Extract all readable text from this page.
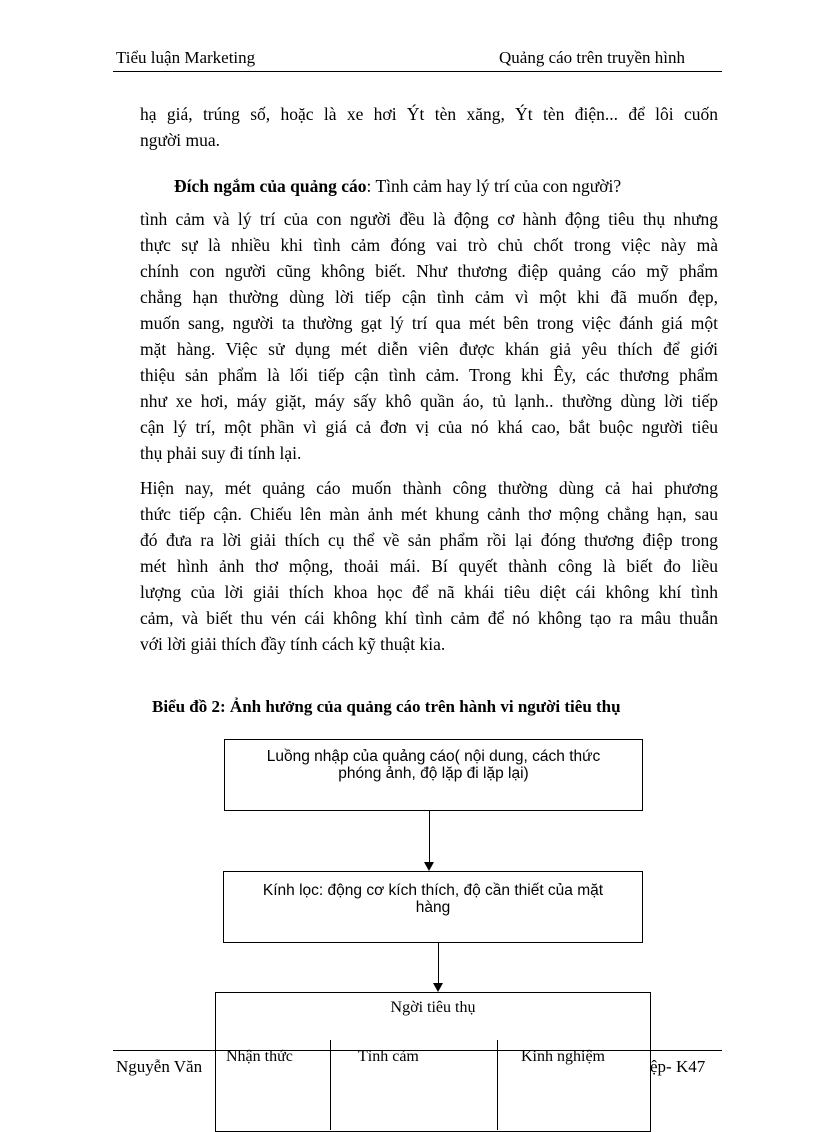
Tiểu luận Marketing	Quảng cáo trên truyền hình
hạ giá, trúng số, hoặc là xe hơi Ýt tèn xăng, Ýt tèn điện... để lôi cuốn
người mua.
Đích ngắm của quảng cáo: Tình cảm hay lý trí của con người?
tình cảm và lý trí của con người đều là động cơ hành động tiêu thụ nhưng
thực sự là nhiều khi tình cảm đóng vai trò chủ chốt trong việc này mà
chính con người cũng không biết. Như thương điệp quảng cáo mỹ phẩm
chẳng hạn thường dùng lời tiếp cận tình cảm vì một khi đã muốn đẹp,
muốn sang, người ta thường gạt lý trí qua mét bên trong việc đánh giá một
mặt hàng. Việc sử dụng mét diễn viên được khán giả yêu thích để giới
thiệu sản phẩm là lối tiếp cận tình cảm. Trong khi Êy, các thương phẩm
như xe hơi, máy giặt, máy sấy khô quần áo, tủ lạnh.. thường dùng lời tiếp
cận lý trí, một phần vì giá cả đơn vị của nó khá cao, bắt buộc người tiêu
thụ phải suy đi tính lại.
Hiện nay, mét quảng cáo muốn thành công thường dùng cả hai phương
thức tiếp cận. Chiếu lên màn ảnh mét khung cảnh thơ mộng chẳng hạn, sau
đó đưa ra lời giải thích cụ thể về sản phẩm rồi lại đóng thương điệp trong
mét hình ảnh thơ mộng, thoải mái. Bí quyết thành công là biết đo liều
lượng của lời giải thích khoa học để nã khái tiêu diệt cái không khí tình
cảm, và biết thu vén cái không khí tình cảm để nó không tạo ra mâu thuẫn
với lời giải thích đầy tính cách kỹ thuật kia.
Biểu đồ 2: Ảnh hưởng của quảng cáo trên hành vi người tiêu thụ
Luồng nhập của quảng cáo( nội dung, cách thức
phóng ảnh, độ lặp đi lặp lại)
Kính lọc: động cơ kích thích, độ cần thiết của mặt
hàng
Ngời tiêu thụ
Nguyễn Văn	ệp- K47
Nhận thức	Tình cảm	Kinh nghiệm
